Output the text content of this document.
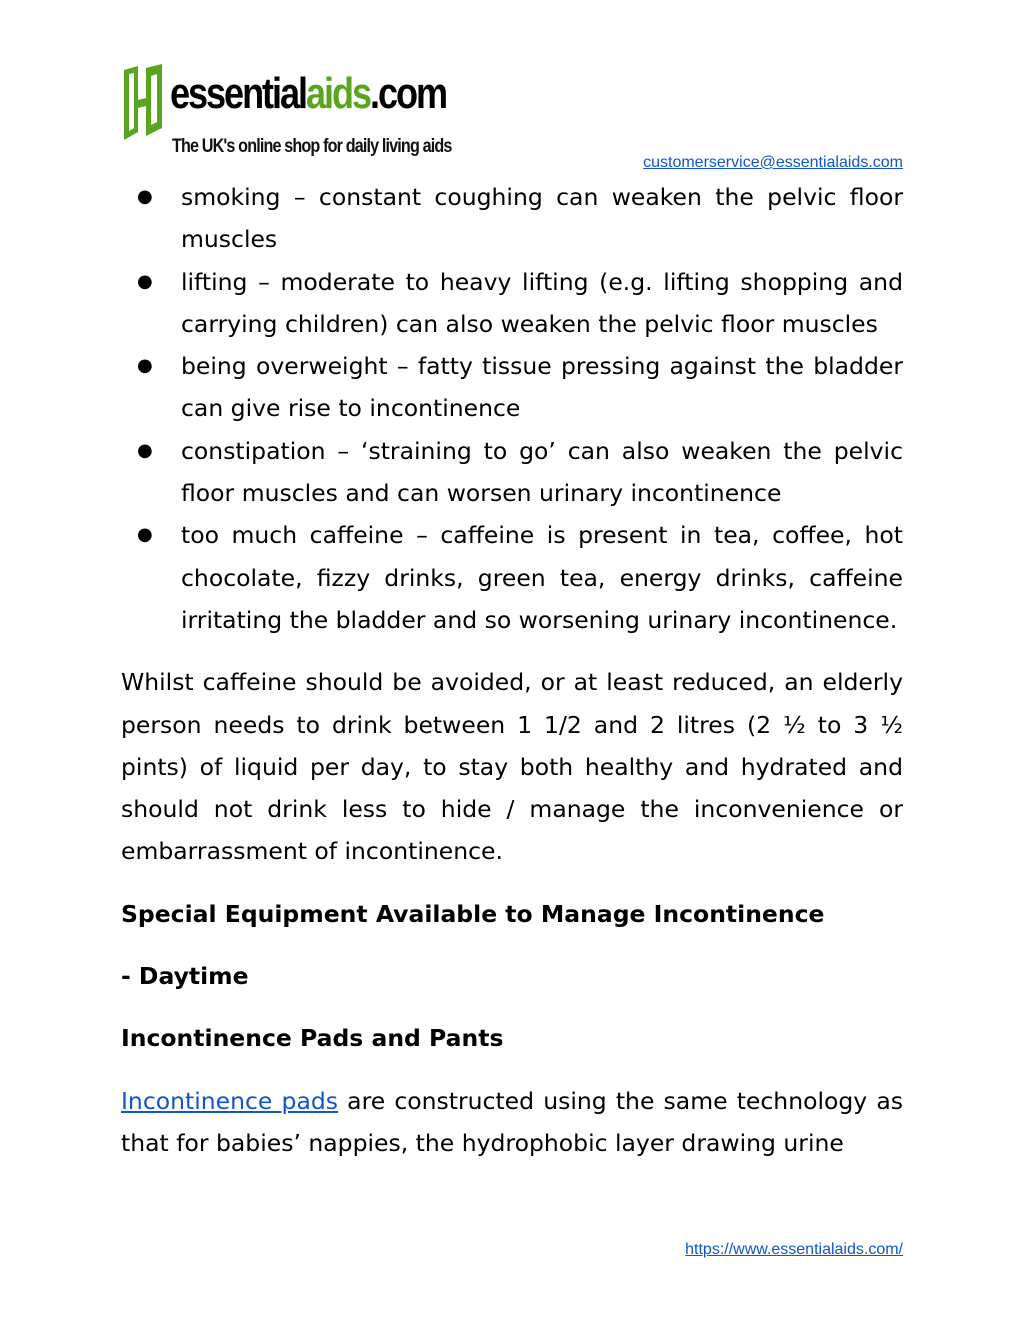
essentialaids.com
The UK's online shop for daily living aids
customerservice@essentialaids.com
● smoking – constant coughing can weaken the pelvic floor muscles
● lifting – moderate to heavy lifting (e.g. lifting shopping and carrying children) can also weaken the pelvic floor muscles
● being overweight – fatty tissue pressing against the bladder can give rise to incontinence
● constipation – ‘straining to go’ can also weaken the pelvic floor muscles and can worsen urinary incontinence
● too much caffeine – caffeine is present in tea, coffee, hot chocolate, fizzy drinks, green tea, energy drinks, caffeine irritating the bladder and so worsening urinary incontinence.

Whilst caffeine should be avoided, or at least reduced, an elderly person needs to drink between 1 1/2 and 2 litres (2 ½ to 3 ½ pints) of liquid per day, to stay both healthy and hydrated and should not drink less to hide / manage the inconvenience or embarrassment of incontinence.

Special Equipment Available to Manage Incontinence

- Daytime

Incontinence Pads and Pants

Incontinence pads are constructed using the same technology as that for babies’ nappies, the hydrophobic layer drawing urine

https://www.essentialaids.com/
